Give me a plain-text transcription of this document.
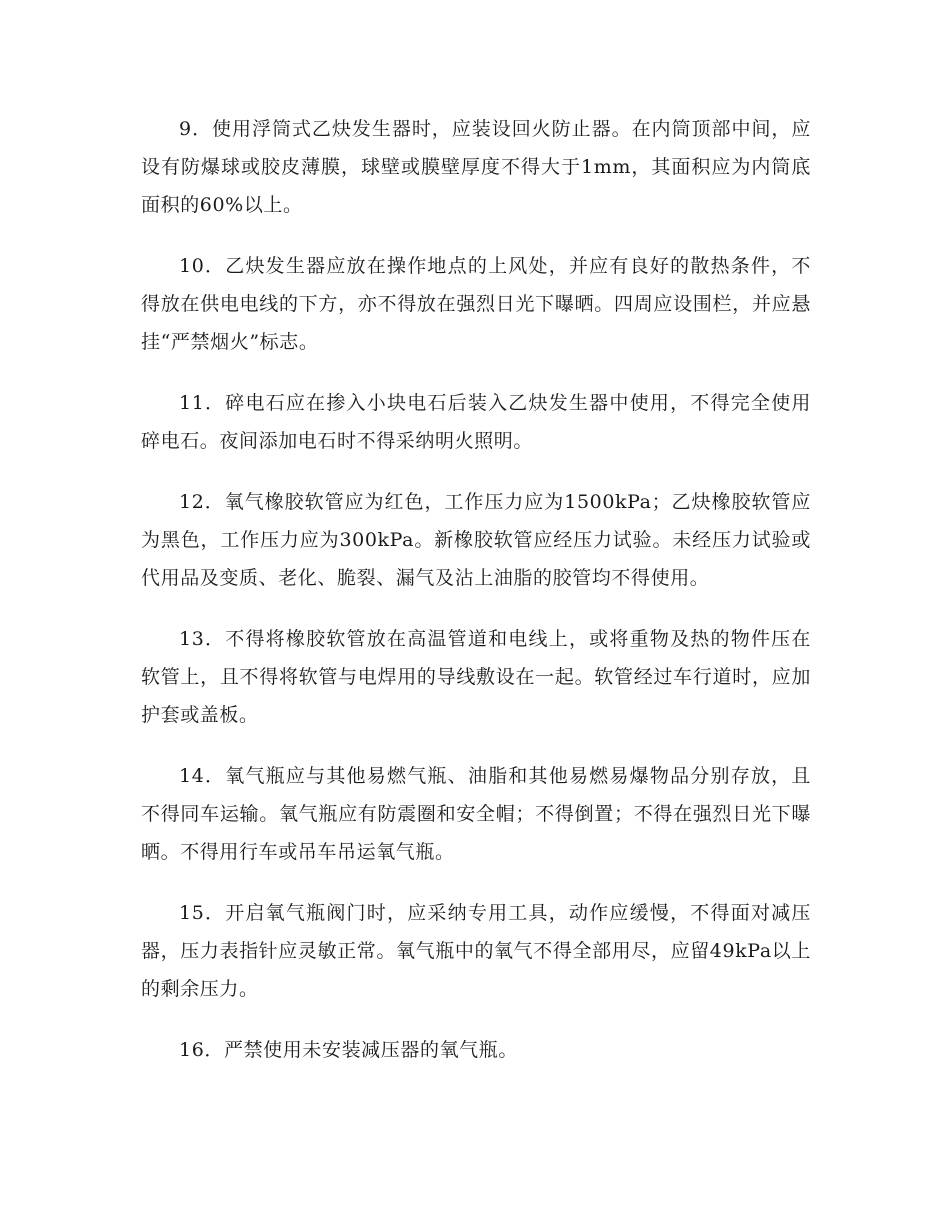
9．使用浮筒式乙炔发生器时，应装设回火防止器。在内筒顶部中间，应设有防爆球或胶皮薄膜，球壁或膜壁厚度不得大于1mm，其面积应为内筒底面积的60%以上。

10．乙炔发生器应放在操作地点的上风处，并应有良好的散热条件，不得放在供电电线的下方，亦不得放在强烈日光下曝晒。四周应设围栏，并应悬挂“严禁烟火”标志。

11．碎电石应在掺入小块电石后装入乙炔发生器中使用，不得完全使用碎电石。夜间添加电石时不得采纳明火照明。

12．氧气橡胶软管应为红色，工作压力应为1500kPa；乙炔橡胶软管应为黑色，工作压力应为300kPa。新橡胶软管应经压力试验。未经压力试验或代用品及变质、老化、脆裂、漏气及沾上油脂的胶管均不得使用。

13．不得将橡胶软管放在高温管道和电线上，或将重物及热的物件压在软管上，且不得将软管与电焊用的导线敷设在一起。软管经过车行道时，应加护套或盖板。

14．氧气瓶应与其他易燃气瓶、油脂和其他易燃易爆物品分别存放，且不得同车运输。氧气瓶应有防震圈和安全帽；不得倒置；不得在强烈日光下曝晒。不得用行车或吊车吊运氧气瓶。

15．开启氧气瓶阀门时，应采纳专用工具，动作应缓慢，不得面对减压器，压力表指针应灵敏正常。氧气瓶中的氧气不得全部用尽，应留49kPa以上的剩余压力。

16．严禁使用未安装减压器的氧气瓶。
